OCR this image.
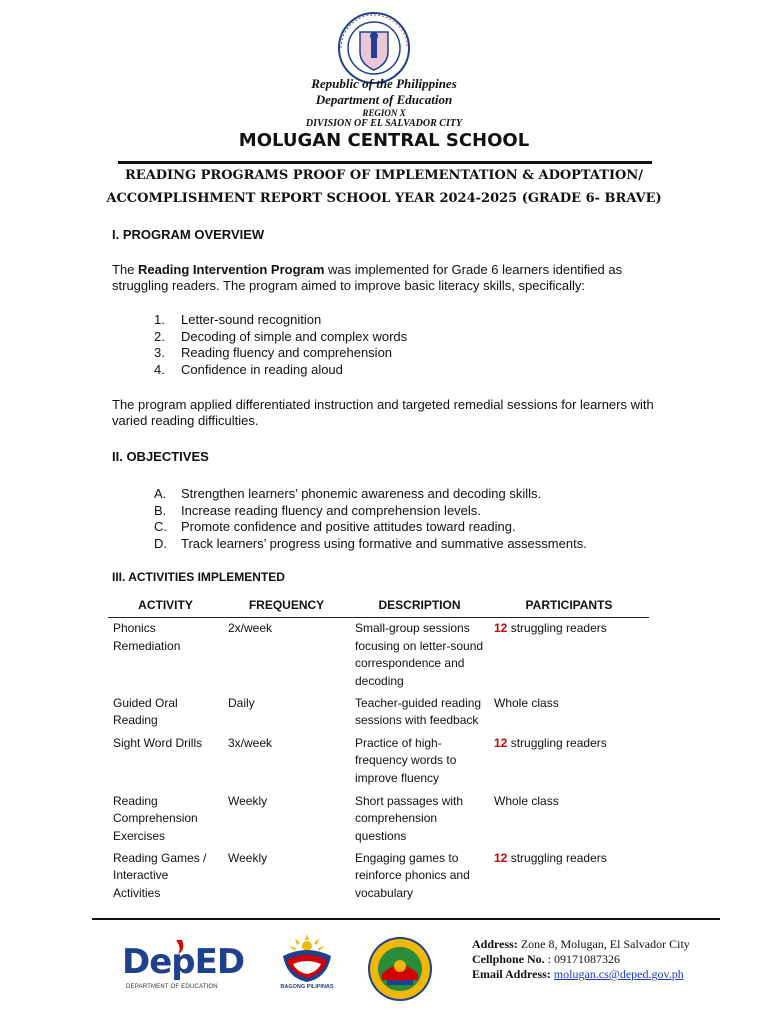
Republic of the Philippines
Department of Education
REGION X
DIVISION OF EL SALVADOR CITY
MOLUGAN CENTRAL SCHOOL
READING PROGRAMS PROOF OF IMPLEMENTATION & ADOPTATION/
ACCOMPLISHMENT REPORT SCHOOL YEAR 2024-2025 (GRADE 6- BRAVE)
I. PROGRAM OVERVIEW
The Reading Intervention Program was implemented for Grade 6 learners identified as struggling readers. The program aimed to improve basic literacy skills, specifically:
1.	Letter-sound recognition
2.	Decoding of simple and complex words
3.	Reading fluency and comprehension
4.	Confidence in reading aloud
The program applied differentiated instruction and targeted remedial sessions for learners with varied reading difficulties.
II. OBJECTIVES
A.	Strengthen learners’ phonemic awareness and decoding skills.
B.	Increase reading fluency and comprehension levels.
C.	Promote confidence and positive attitudes toward reading.
D.	Track learners’ progress using formative and summative assessments.
III. ACTIVITIES IMPLEMENTED
ACTIVITY	FREQUENCY	DESCRIPTION	PARTICIPANTS
Phonics Remediation	2x/week	Small-group sessions focusing on letter-sound correspondence and decoding	12 struggling readers
Guided Oral Reading	Daily	Teacher-guided reading sessions with feedback	Whole class
Sight Word Drills	3x/week	Practice of high-frequency words to improve fluency	12 struggling readers
Reading Comprehension Exercises	Weekly	Short passages with comprehension questions	Whole class
Reading Games / Interactive Activities	Weekly	Engaging games to reinforce phonics and vocabulary	12 struggling readers
DepED
DEPARTMENT OF EDUCATION	BAGONG PILIPINAS
Address: Zone 8, Molugan, El Salvador City
Cellphone No. : 09171087326
Email Address: molugan.cs@deped.gov.ph
